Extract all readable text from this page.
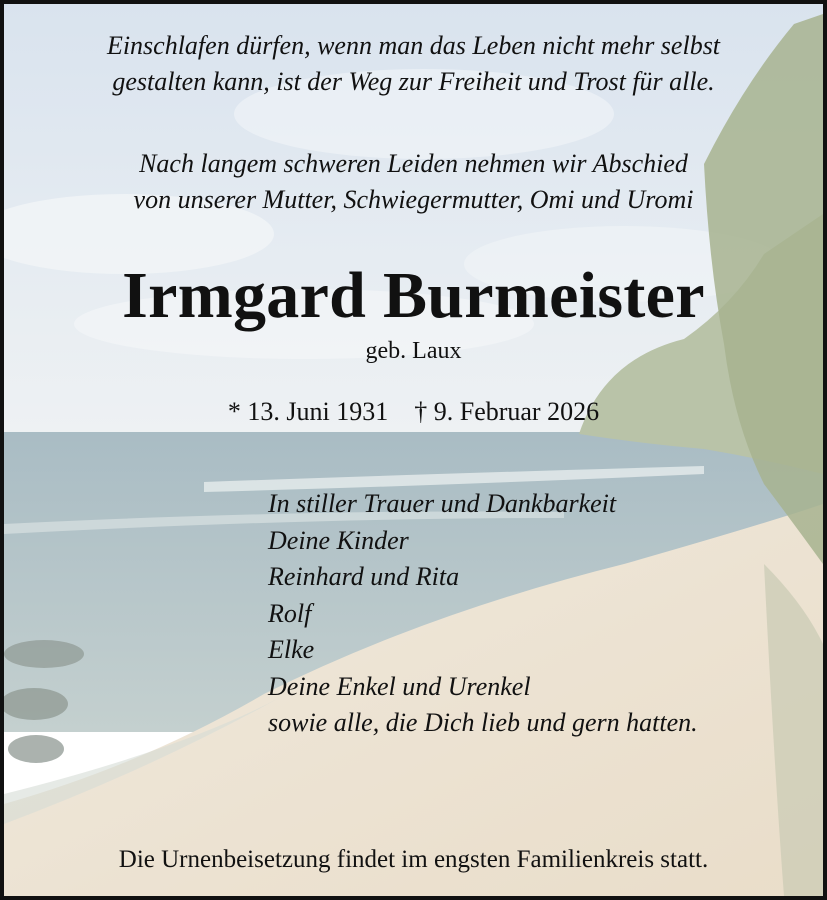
Einschlafen dürfen, wenn man das Leben nicht mehr selbst
gestalten kann, ist der Weg zur Freiheit und Trost für alle.
Nach langem schweren Leiden nehmen wir Abschied
von unserer Mutter, Schwiegermutter, Omi und Uromi
Irmgard Burmeister
geb. Laux
* 13. Juni 1931 † 9. Februar 2026
In stiller Trauer und Dankbarkeit
Deine Kinder
Reinhard und Rita
Rolf
Elke
Deine Enkel und Urenkel
sowie alle, die Dich lieb und gern hatten.
Die Urnenbeisetzung findet im engsten Familienkreis statt.
